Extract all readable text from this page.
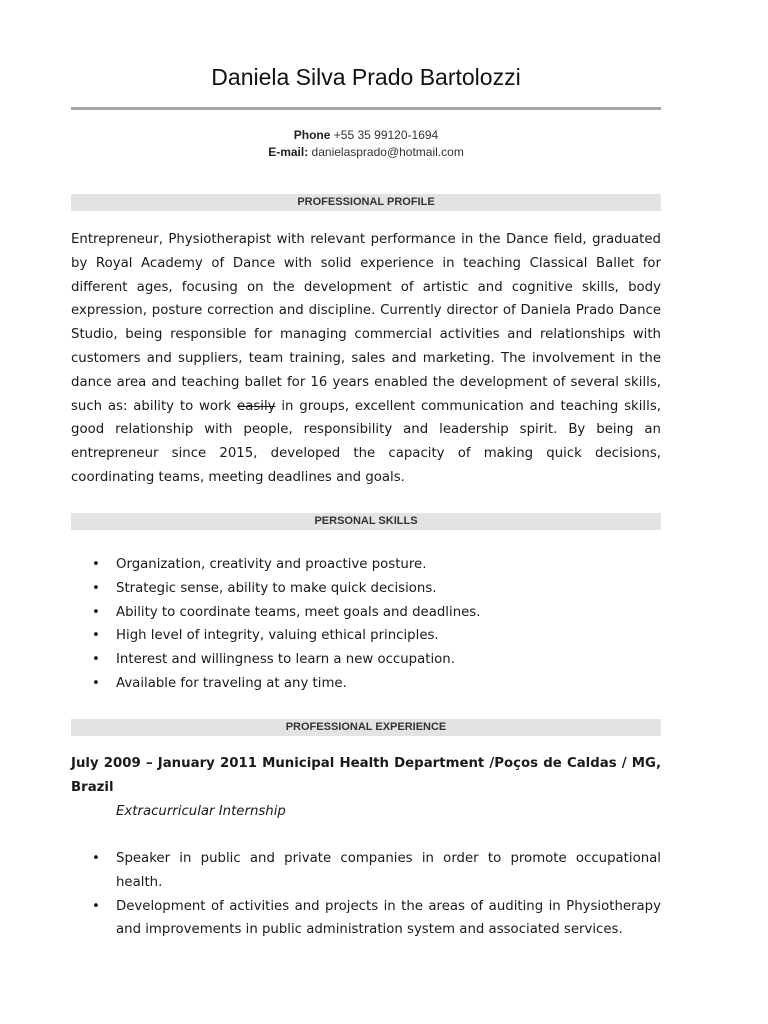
Daniela Silva Prado Bartolozzi
Phone +55 35 99120-1694
E-mail: danielasprado@hotmail.com
PROFESSIONAL PROFILE
Entrepreneur, Physiotherapist with relevant performance in the Dance field, graduated by Royal Academy of Dance with solid experience in teaching Classical Ballet for different ages, focusing on the development of artistic and cognitive skills, body expression, posture correction and discipline. Currently director of Daniela Prado Dance Studio, being responsible for managing commercial activities and relationships with customers and suppliers, team training, sales and marketing. The involvement in the dance area and teaching ballet for 16 years enabled the development of several skills, such as: ability to work easily in groups, excellent communication and teaching skills, good relationship with people, responsibility and leadership spirit. By being an entrepreneur since 2015, developed the capacity of making quick decisions, coordinating teams, meeting deadlines and goals.
PERSONAL SKILLS
• Organization, creativity and proactive posture.
• Strategic sense, ability to make quick decisions.
• Ability to coordinate teams, meet goals and deadlines.
• High level of integrity, valuing ethical principles.
• Interest and willingness to learn a new occupation.
• Available for traveling at any time.
PROFESSIONAL EXPERIENCE
July 2009 – January 2011 Municipal Health Department /Poços de Caldas / MG, Brazil
Extracurricular Internship
• Speaker in public and private companies in order to promote occupational health.
• Development of activities and projects in the areas of auditing in Physiotherapy and improvements in public administration system and associated services.
